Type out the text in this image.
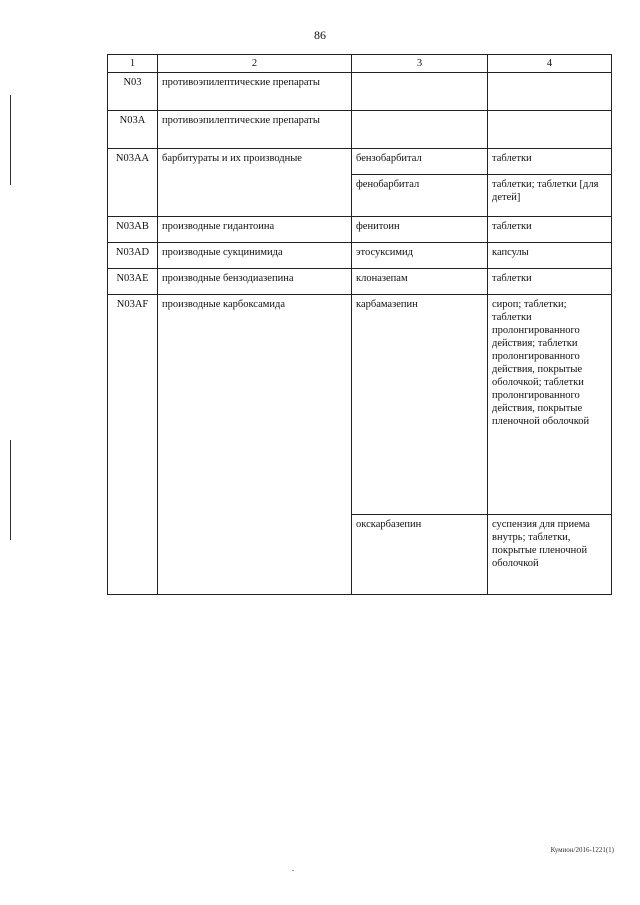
86
1	2	3	4
N03	противоэпилептические препараты		
N03A	противоэпилептические препараты		
N03AA	барбитураты и их производные	бензобарбитал	таблетки
		фенобарбитал	таблетки; таблетки [для детей]
N03AB	производные гидантоина	фенитоин	таблетки
N03AD	производные сукцинимида	этосуксимид	капсулы
N03AE	производные бензодиазепина	клоназепам	таблетки
N03AF	производные карбоксамида	карбамазепин	сироп; таблетки; таблетки пролонгированного действия; таблетки пролонгированного действия, покрытые оболочкой; таблетки пролонгированного действия, покрытые пленочной оболочкой
		окскарбазепин	суспензия для приема внутрь; таблетки, покрытые пленочной оболочкой
Кумион/2016-1221(1)
